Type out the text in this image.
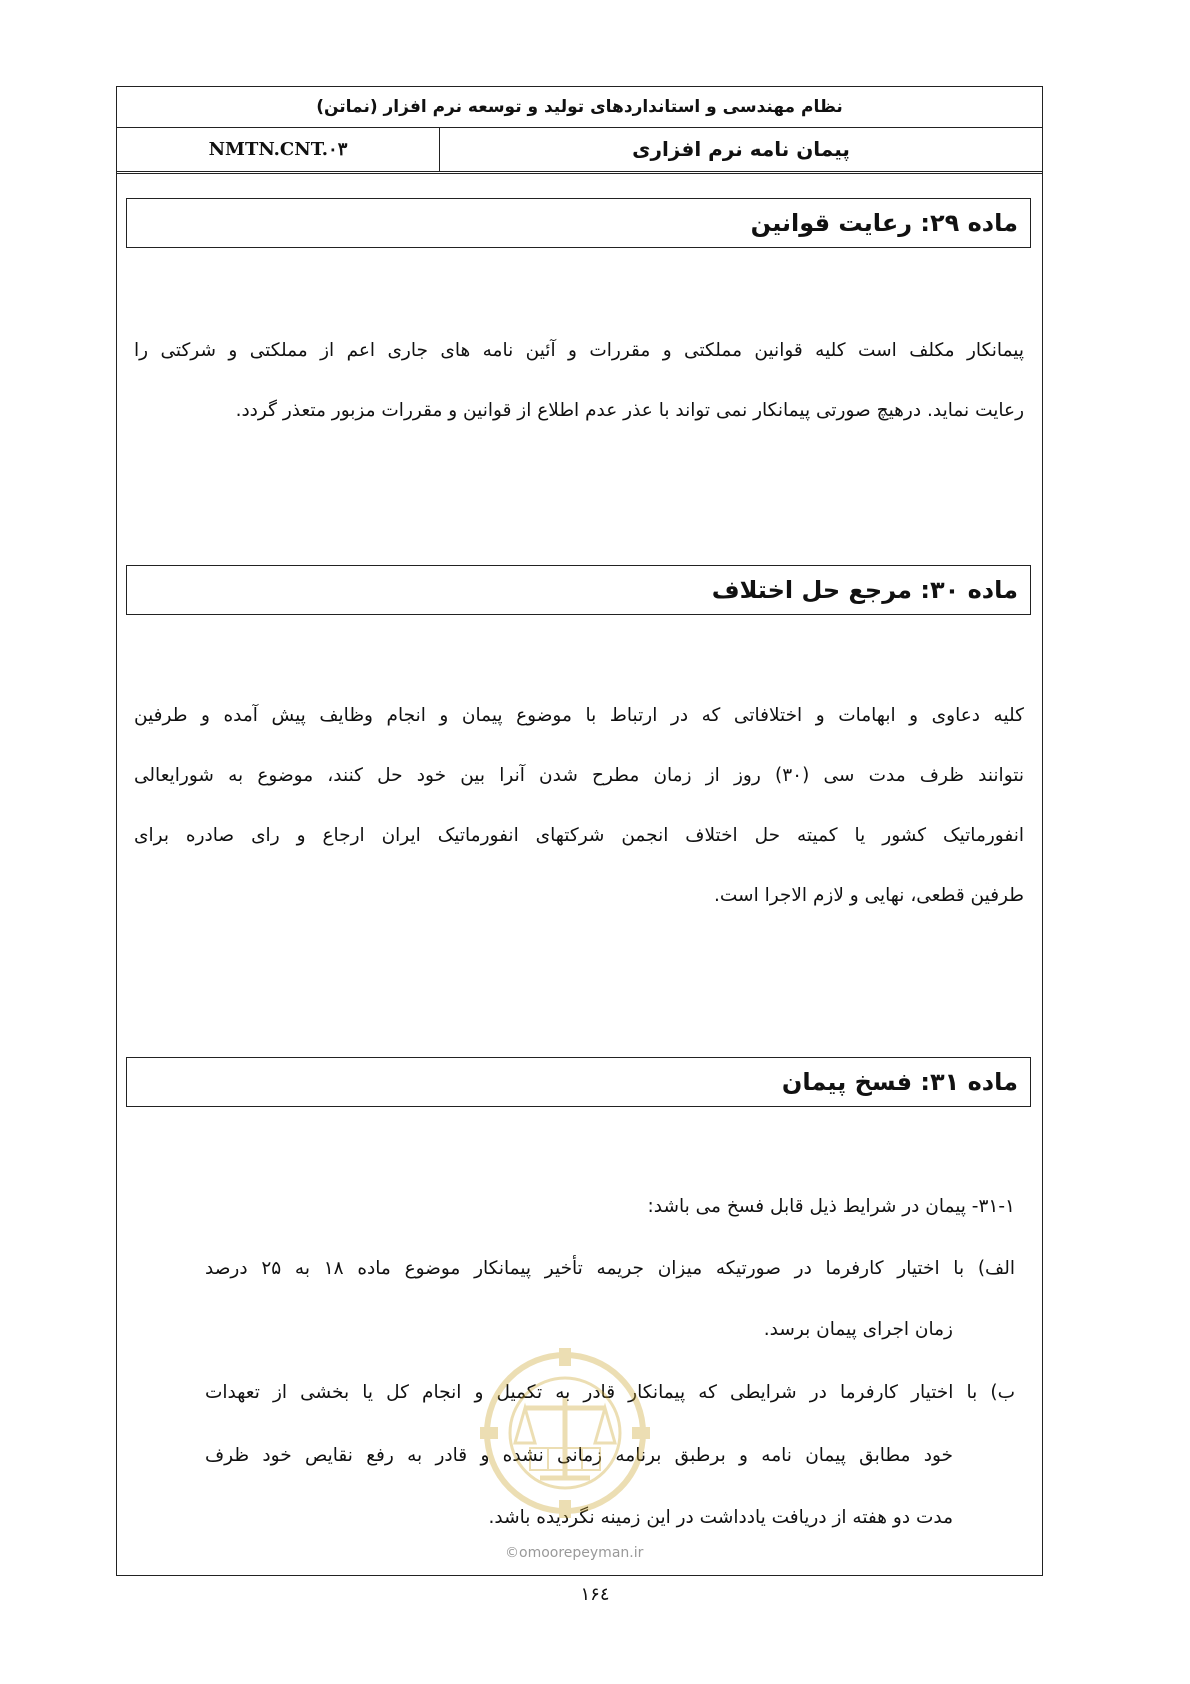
نظام مهندسی و استانداردهای تولید و توسعه نرم افزار (نماتن)
NMTN.CNT.۰۳	پیمان نامه نرم افزاری
ماده ۲۹: رعایت قوانین
پیمانکار مکلف است کلیه قوانین مملکتی و مقررات و آئین نامه های جاری اعم از مملکتی و شرکتی را
رعایت نماید. درهیچ صورتی پیمانکار نمی تواند با عذر عدم اطلاع از قوانین و مقررات مزبور متعذر گردد.
ماده ۳۰: مرجع حل اختلاف
کلیه دعاوی و ابهامات و اختلافاتی که در ارتباط با موضوع پیمان و انجام وظایف پیش آمده و طرفین
نتوانند ظرف مدت سی (۳۰) روز از زمان مطرح شدن آنرا بین خود حل کنند، موضوع به شورایعالی
انفورماتیک کشور یا کمیته حل اختلاف انجمن شرکتهای انفورماتیک ایران ارجاع و رای صادره برای
طرفین قطعی، نهایی و لازم الاجرا است.
ماده ۳۱: فسخ پیمان
۳۱-۱- پیمان در شرایط ذیل قابل فسخ می باشد:
الف) با اختیار کارفرما در صورتیکه میزان جریمه تأخیر پیمانکار موضوع ماده ۱۸ به ۲۵ درصد
زمان اجرای پیمان برسد.
ب) با اختیار کارفرما در شرایطی که پیمانکار قادر به تکمیل و انجام کل یا بخشی از تعهدات
خود مطابق پیمان نامه و برطبق برنامه زمانی نشده و قادر به رفع نقایص خود ظرف
مدت دو هفته از دریافت یادداشت در این زمینه نگردیده باشد.
©omoorepeyman.ir
۱۶٤
